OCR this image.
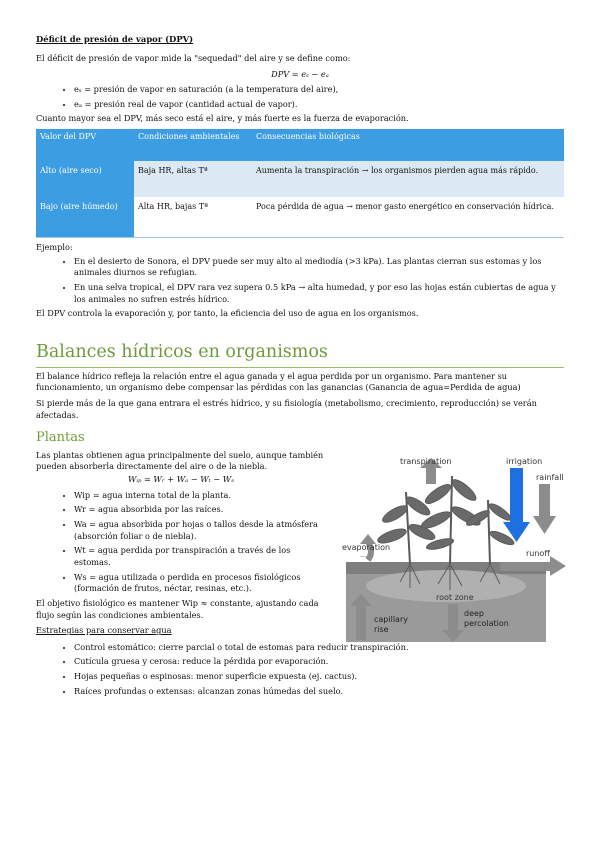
Déficit de presión de vapor (DPV)

El déficit de presión de vapor mide la "sequedad" del aire y se define como:

DPV = eₛ − eₐ
• eₛ = presión de vapor en saturación (a la temperatura del aire),
• eₐ = presión real de vapor (cantidad actual de vapor).

Cuanto mayor sea el DPV, más seco está el aire, y más fuerte es la fuerza de evaporación.

Valor del DPV	Condiciones ambientales	Consecuencias biológicas
Alto (aire seco)	Baja HR, altas Tª	Aumenta la transpiración → los organismos pierden agua más rápido.
Bajo (aire húmedo)	Alta HR, bajas Tª	Poca pérdida de agua → menor gasto energético en conservación hídrica.

Ejemplo:

• En el desierto de Sonora, el DPV puede ser muy alto al mediodía (>3 kPa). Las plantas cierran sus estomas y los animales diurnos se refugian.
• En una selva tropical, el DPV rara vez supera 0.5 kPa → alta humedad, y por eso las hojas están cubiertas de agua y los animales no sufren estrés hídrico.

El DPV controla la evaporación y, por tanto, la eficiencia del uso de agua en los organismos.

Balances hídricos en organismos

El balance hídrico refleja la relación entre el agua ganada y el agua perdida por un organismo. Para mantener su funcionamiento, un organismo debe compensar las pérdidas con las ganancias (Ganancia de agua=Perdida de agua)

Si pierde más de la que gana entrara el estrés hídrico, y su fisiología (metabolismo, crecimiento, reproducción) se verán afectadas.

Plantas

Las plantas obtienen agua principalmente del suelo, aunque también pueden absorberla directamente del aire o de la niebla.

Wᵢₚ = Wᵣ + Wₐ − Wₜ − Wₛ
• Wip = agua interna total de la planta.
• Wr = agua absorbida por las raíces.
• Wa = agua absorbida por hojas o tallos desde la atmósfera (absorción foliar o de niebla).
• Wt = agua perdida por transpiración a través de los estomas.
• Ws = agua utilizada o perdida en procesos fisiológicos (formación de frutos, néctar, resinas, etc.).

El objetivo fisiológico es mantener Wip ≈ constante, ajustando cada flujo según las condiciones ambientales.

transpiration	irrigation
rainfall
evaporation
runoff
root zone
capillary
rise
deep
percolation
Estrategias para conservar agua
• Control estomático: cierre parcial o total de estomas para reducir transpiración.
• Cutícula gruesa y cerosa: reduce la pérdida por evaporación.
• Hojas pequeñas o espinosas: menor superficie expuesta (ej. cactus).
• Raíces profundas o extensas: alcanzan zonas húmedas del suelo.
